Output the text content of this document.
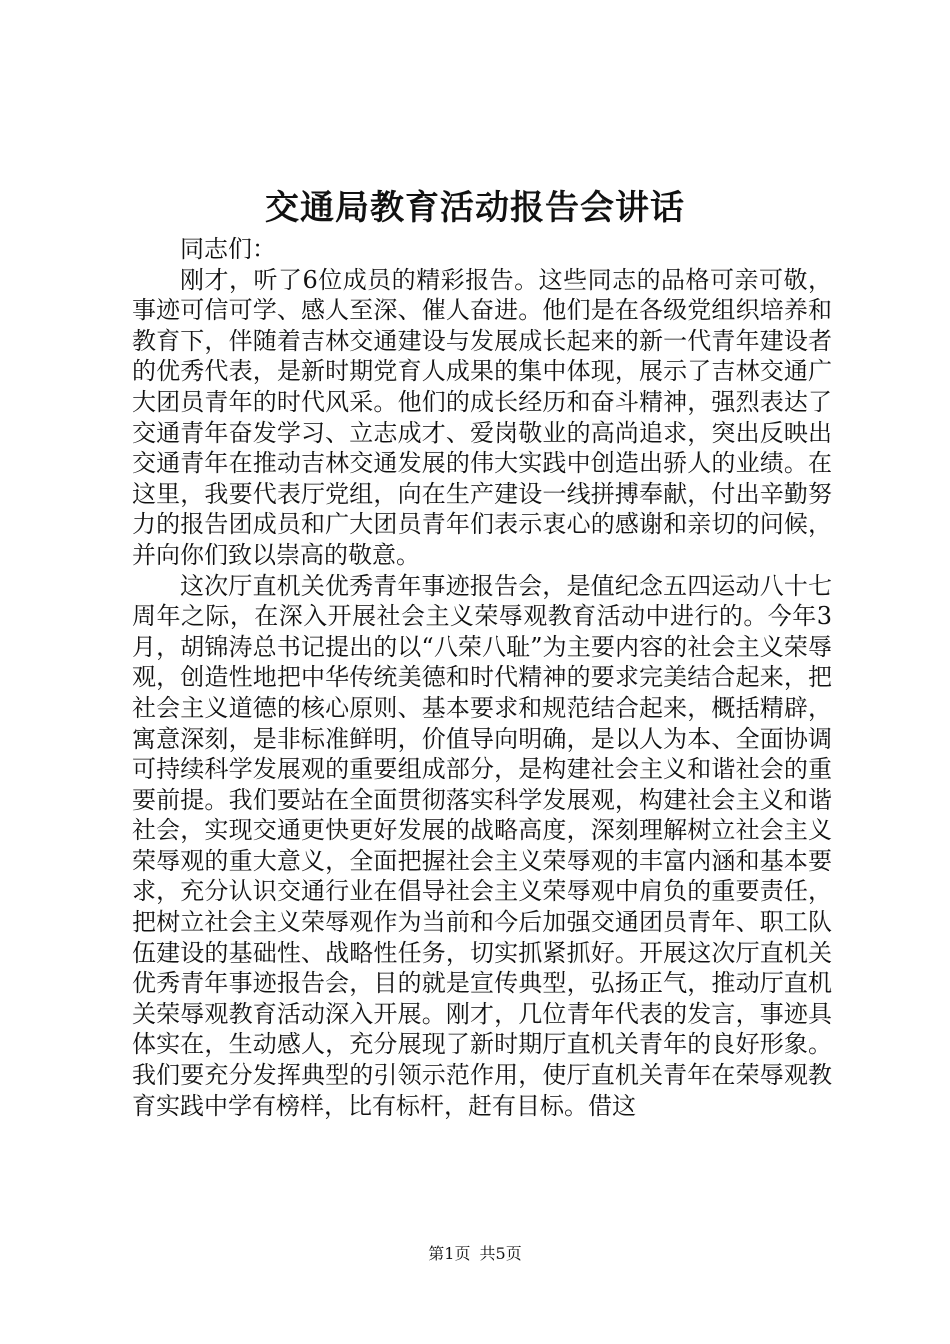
交通局教育活动报告会讲话

同志们：

刚才，听了6位成员的精彩报告。这些同志的品格可亲可敬，事迹可信可学、感人至深、催人奋进。他们是在各级党组织培养和教育下，伴随着吉林交通建设与发展成长起来的新一代青年建设者的优秀代表，是新时期党育人成果的集中体现，展示了吉林交通广大团员青年的时代风采。他们的成长经历和奋斗精神，强烈表达了交通青年奋发学习、立志成才、爱岗敬业的高尚追求，突出反映出交通青年在推动吉林交通发展的伟大实践中创造出骄人的业绩。在这里，我要代表厅党组，向在生产建设一线拼搏奉献，付出辛勤努力的报告团成员和广大团员青年们表示衷心的感谢和亲切的问候，并向你们致以崇高的敬意。

这次厅直机关优秀青年事迹报告会，是值纪念五四运动八十七周年之际，在深入开展社会主义荣辱观教育活动中进行的。今年3月，胡锦涛总书记提出的以“八荣八耻”为主要内容的社会主义荣辱观，创造性地把中华传统美德和时代精神的要求完美结合起来，把社会主义道德的核心原则、基本要求和规范结合起来，概括精辟，寓意深刻，是非标准鲜明，价值导向明确，是以人为本、全面协调可持续科学发展观的重要组成部分，是构建社会主义和谐社会的重要前提。我们要站在全面贯彻落实科学发展观，构建社会主义和谐社会，实现交通更快更好发展的战略高度，深刻理解树立社会主义荣辱观的重大意义，全面把握社会主义荣辱观的丰富内涵和基本要求，充分认识交通行业在倡导社会主义荣辱观中肩负的重要责任，把树立社会主义荣辱观作为当前和今后加强交通团员青年、职工队伍建设的基础性、战略性任务，切实抓紧抓好。开展这次厅直机关优秀青年事迹报告会，目的就是宣传典型，弘扬正气，推动厅直机关荣辱观教育活动深入开展。刚才，几位青年代表的发言，事迹具体实在，生动感人，充分展现了新时期厅直机关青年的良好形象。我们要充分发挥典型的引领示范作用，使厅直机关青年在荣辱观教育实践中学有榜样，比有标杆，赶有目标。借这

第1页 共5页
